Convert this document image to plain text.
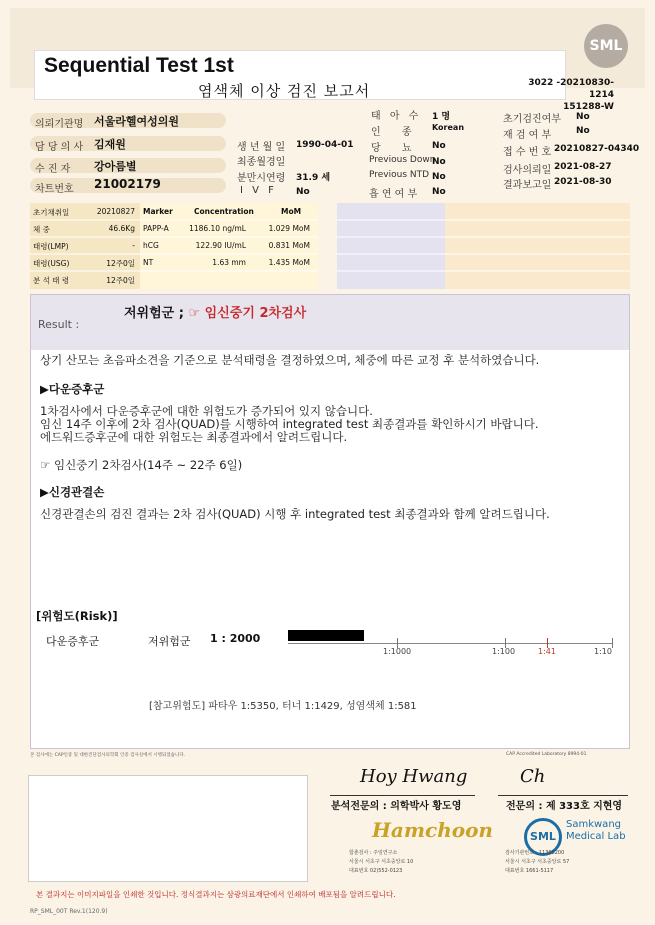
SML
Sequential Test 1st
염색체 이상 검진 보고서	3022 -20210830-1214
151288-W
의뢰기관명 서울라헬여성의원
담 당 의 사 김재원
수 진 자 강아름별
차트번호 21002179
생 년 월 일 1990-04-01
최종월경일
분만시연령 31.9 세
I V F No
태 아 수 1 명
인 종 Korean
당 뇨 No
Previous Down
No
Previous NTD No
흡 연 여 부 No
초기검진여부 No
재 검 여 부	No
접 수 번 호 20210827-04340
검사의뢰일 2021-08-27
결과보고일 2021-08-30
초기채취일	20210827
체 중	46.6Kg
태령(LMP)	-
태령(USG)	12주0일
분 석 태 령	12주0일
Marker	Concentration	MoM
PAPP-A	1186.10 ng/mL	1.029 MoM
hCG	122.90 IU/mL	0.831 MoM
NT	1.63 mm	1.435 MoM
Result :
저위험군 ; ☞ 임신중기 2차검사
상기 산모는 초음파소견을 기준으로 분석태령을 결정하였으며, 체중에 따른 교정 후 분석하였습니다.
▶다운증후군
1차검사에서 다운증후군에 대한 위험도가 증가되어 있지 않습니다.
임신 14주 이후에 2차 검사(QUAD)를 시행하여 integrated test 최종결과를 확인하시기 바랍니다.
에드워드증후군에 대한 위험도는 최종결과에서 알려드립니다.
☞ 임신중기 2차검사(14주 ~ 22주 6일)
▶신경관결손
신경관결손의 검진 결과는 2차 검사(QUAD) 시행 후 integrated test 최종결과와 함께 알려드립니다.
[위험도(Risk)]
다운증후군	저위험군 1 : 2000
1:1000	1:100	1:41	1:10
[참고위험도] 파타우 1:5350, 터너 1:1429, 성염색체 1:581
본 검사에는 CAP인증 및 대한진단검사의학회 인증 검사실에서 시행되었습니다.	CAP Accredited Laboratory 8994-01
Hoy Hwang	Ch
분석전문의 : 의학박사 황도영	전문의 : 제 333호 지현영
Hamchoon	SML
Samkwang
Medical Lab
함춘검사 : 주임연구소
서울시 서초구 서초중앙로 10
대표번호 02)552-0123
검사기관번호 : 11365200
서울시 서초구 서초중앙로 57
대표번호 1661-5117
본 결과지는 이미지파일을 인쇄한 것입니다. 정식결과지는 삼광의료재단에서 인쇄하여 배포됨을 알려드립니다.
RP_SML_00T Rev.1(120.9)
